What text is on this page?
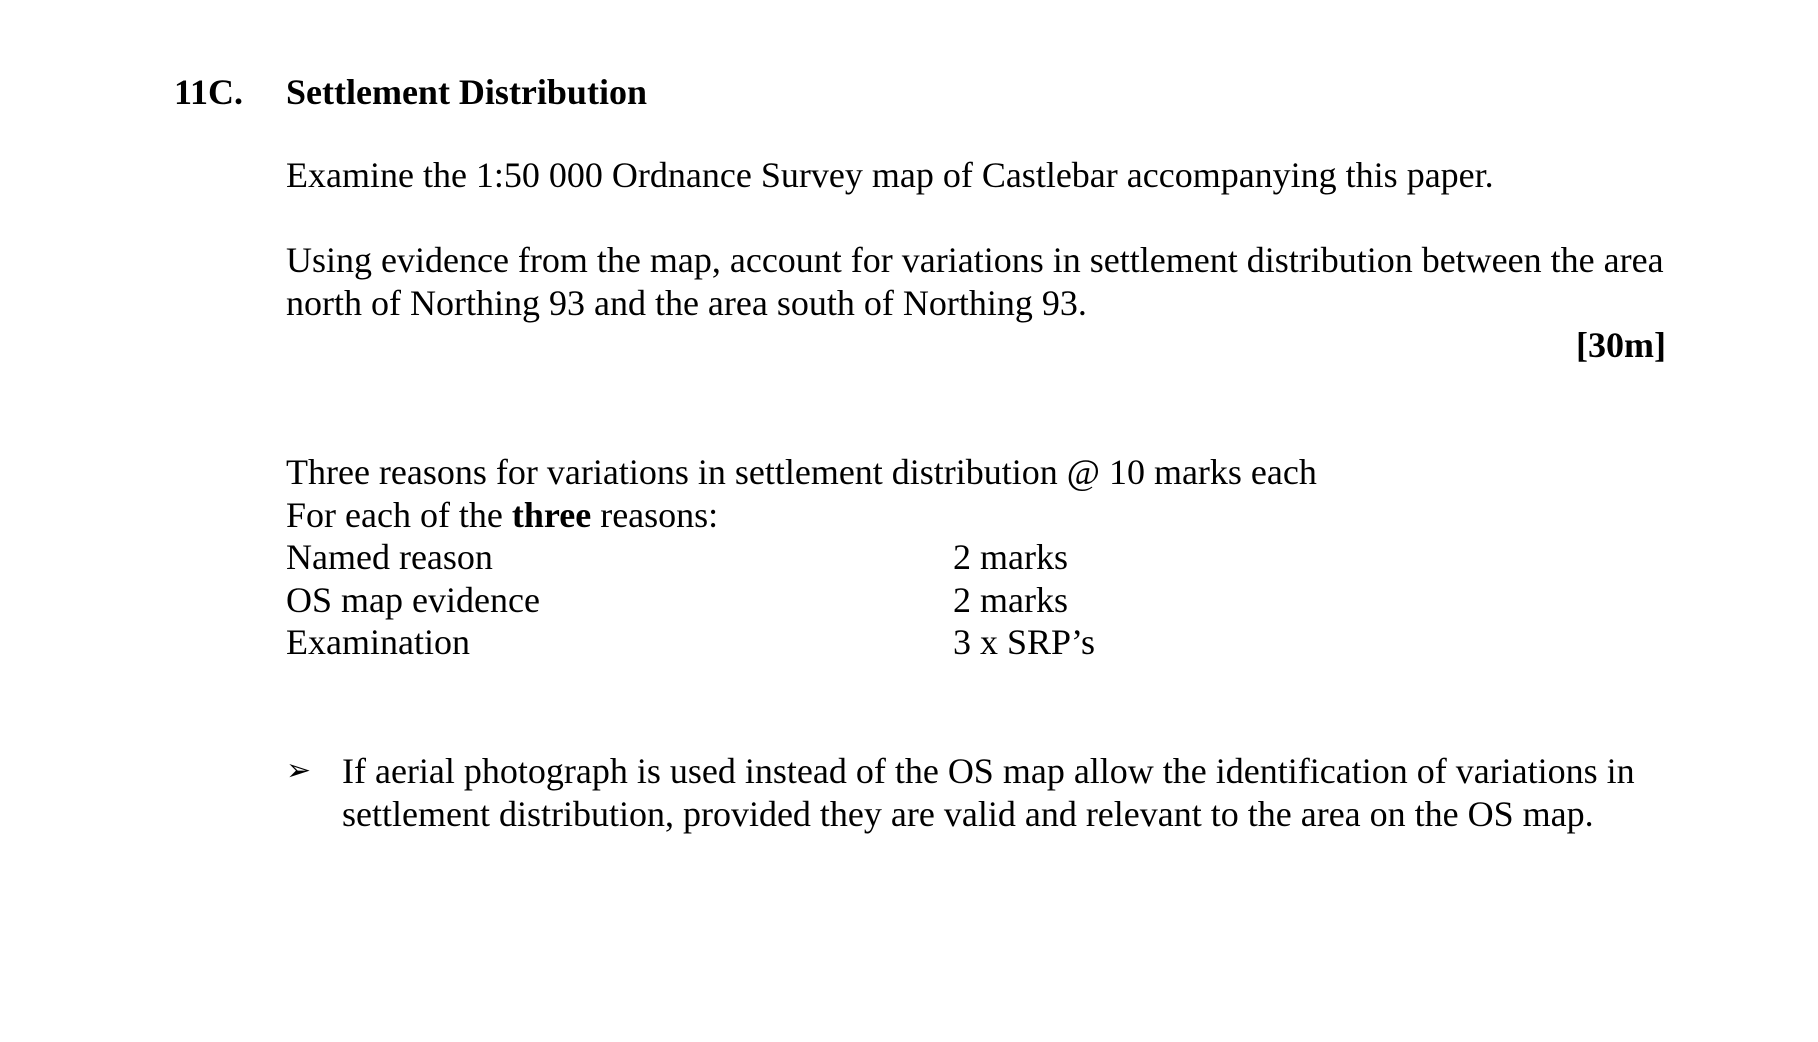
11C. Settlement Distribution
Examine the 1:50 000 Ordnance Survey map of Castlebar accompanying this paper.
Using evidence from the map, account for variations in settlement distribution between the area north of Northing 93 and the area south of Northing 93.
[30m]
Three reasons for variations in settlement distribution @ 10 marks each
For each of the three reasons:
Named reason	2 marks
OS map evidence	2 marks
Examination	3 x SRP’s
➢ If aerial photograph is used instead of the OS map allow the identification of variations in settlement distribution, provided they are valid and relevant to the area on the OS map.
